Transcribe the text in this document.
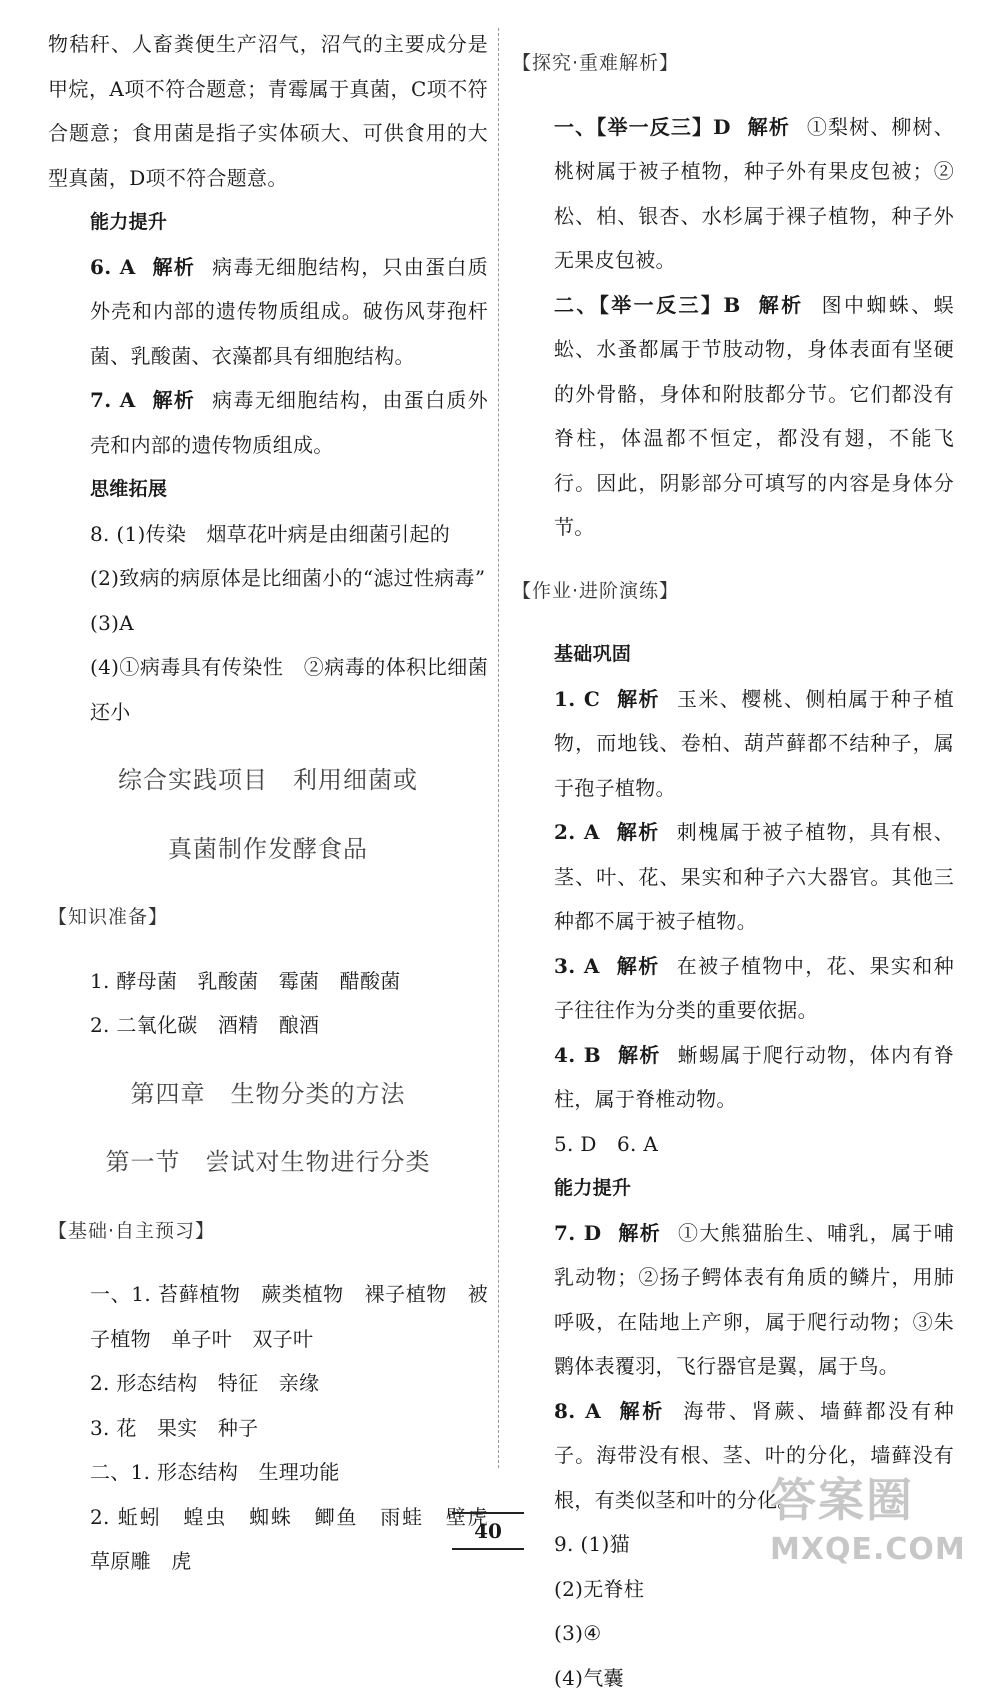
物秸秆、人畜粪便生产沼气，沼气的主要成分是甲烷，A项不符合题意；青霉属于真菌，C项不符合题意；食用菌是指子实体硕大、可供食用的大型真菌，D项不符合题意。

能力提升

6. A 解析 病毒无细胞结构，只由蛋白质外壳和内部的遗传物质组成。破伤风芽孢杆菌、乳酸菌、衣藻都具有细胞结构。

7. A 解析 病毒无细胞结构，由蛋白质外壳和内部的遗传物质组成。

思维拓展

8. (1)传染　烟草花叶病是由细菌引起的

(2)致病的病原体是比细菌小的“滤过性病毒”

(3)A

(4)①病毒具有传染性　②病毒的体积比细菌还小

综合实践项目　利用细菌或

真菌制作发酵食品

【知识准备】

1. 酵母菌　乳酸菌　霉菌　醋酸菌

2. 二氧化碳　酒精　酿酒

第四章　生物分类的方法

第一节　尝试对生物进行分类

【基础·自主预习】

一、1. 苔藓植物　蕨类植物　裸子植物　被子植物　单子叶　双子叶

2. 形态结构　特征　亲缘

3. 花　果实　种子

二、1. 形态结构　生理功能

2. 蚯蚓　蝗虫　蜘蛛　鲫鱼　雨蛙　壁虎　草原雕　虎

【探究·重难解析】

一、【举一反三】D 解析 ①梨树、柳树、桃树属于被子植物，种子外有果皮包被；②松、柏、银杏、水杉属于裸子植物，种子外无果皮包被。

二、【举一反三】B 解析 图中蜘蛛、蜈蚣、水蚤都属于节肢动物，身体表面有坚硬的外骨骼，身体和附肢都分节。它们都没有脊柱，体温都不恒定，都没有翅，不能飞行。因此，阴影部分可填写的内容是身体分节。

【作业·进阶演练】

基础巩固

1. C 解析 玉米、樱桃、侧柏属于种子植物，而地钱、卷柏、葫芦藓都不结种子，属于孢子植物。

2. A 解析 刺槐属于被子植物，具有根、茎、叶、花、果实和种子六大器官。其他三种都不属于被子植物。

3. A 解析 在被子植物中，花、果实和种子往往作为分类的重要依据。

4. B 解析 蜥蜴属于爬行动物，体内有脊柱，属于脊椎动物。

5. D　6. A

能力提升

7. D 解析 ①大熊猫胎生、哺乳，属于哺乳动物；②扬子鳄体表有角质的鳞片，用肺呼吸，在陆地上产卵，属于爬行动物；③朱鹮体表覆羽，飞行器官是翼，属于鸟。

8. A 解析 海带、肾蕨、墙藓都没有种子。海带没有根、茎、叶的分化，墙藓没有根，有类似茎和叶的分化。

9. (1)猫

(2)无脊柱

(3)④

(4)气囊

40
答案圈
MXQE.COM
